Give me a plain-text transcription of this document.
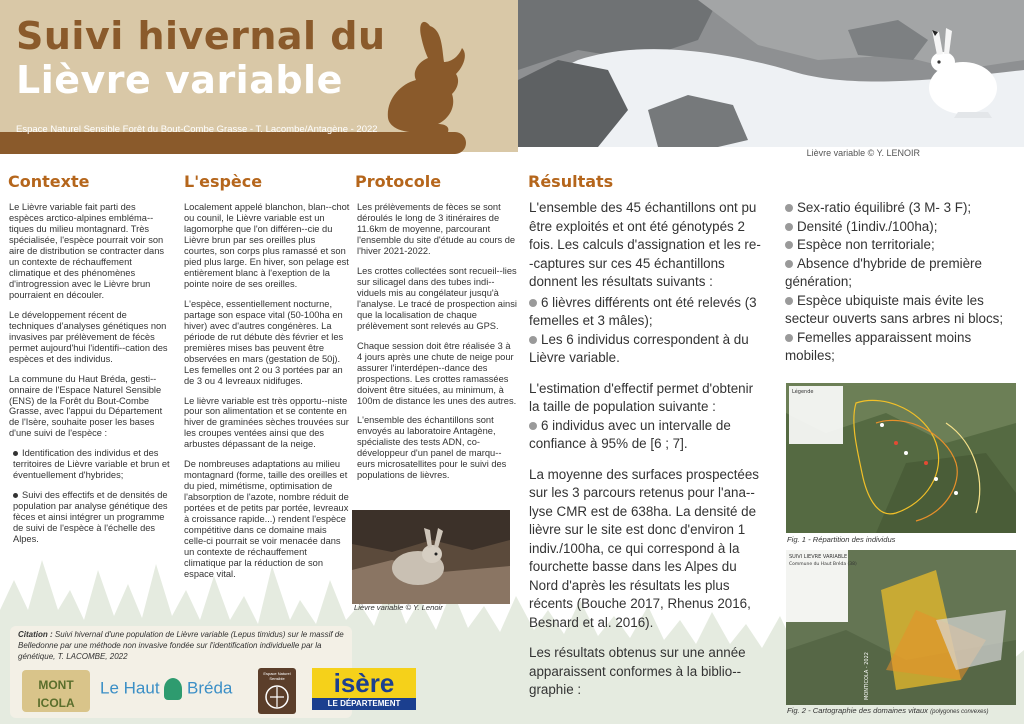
Suivi hivernal du
Lièvre variable
Espace Naturel Sensible Forêt du Bout-Combe Grasse - T. Lacombe/Antagène - 2022
Lièvre variable © Y. LENOIR
Contexte

Le Lièvre variable fait parti des espèces arctico-alpines embléma--tiques du milieu montagnard. Très spécialisée, l'espèce pourrait voir son aire de distribution se contracter dans un contexte de réchauffement climatique et des phénomènes d'introgression avec le Lièvre brun pourraient en découler.

Le développement récent de techniques d'analyses génétiques non invasives par prélèvement de fécès permet aujourd'hui l'identifi--cation des espèces et des individus.

La commune du Haut Bréda, gesti--onnaire de l'Espace Naturel Sensible (ENS) de la Forêt du Bout-Combe Grasse, avec l'appui du Département de l'Isère, souhaite poser les bases d'une suivi de l'espèce :

Identification des individus et des territoires de Lièvre variable et brun et éventuellement d'hybrides;

Suivi des effectifs et de densités de population par analyse génétique des fèces et ainsi intégrer un programme de suivi de l'espèce à l'échelle des Alpes.

L'espèce

Localement appelé blanchon, blan--chot ou counil, le Lièvre variable est un lagomorphe que l'on différen--cie du Lièvre brun par ses oreilles plus courtes, son corps plus ramassé et son pied plus large. En hiver, son pelage est entièrement blanc à l'exeption de la pointe noire de ses oreilles.

L'espèce, essentiellement nocturne, partage son espace vital (50-100ha en hiver) avec d'autres congénères. La période de rut débute dès février et les premières mises bas peuvent être observées en mars (gestation de 50j). Les femelles ont 2 ou 3 portées par an de 3 ou 4 levreaux nidifuges.

Le lièvre variable est très opportu--niste pour son alimentation et se contente en hiver de graminées sèches trouvées sur les croupes ventées ainsi que des arbustes dépassant de la neige.

De nombreuses adaptations au milieu montagnard (forme, taille des oreilles et du pied, mimétisme, optimisation de l'absorption de l'azote, nombre réduit de portées et de petits par portée, levreaux à croissance rapide...) rendent l'espèce compétitive dans ce domaine mais celle-ci pourrait se voir menacée dans un contexte de réchauffement climatique par la réduction de son espace vital.

Protocole

Les prélèvements de fèces se sont déroulés le long de 3 itinéraires de 11.6km de moyenne, parcourant l'ensemble du site d'étude au cours de l'hiver 2021-2022.

Les crottes collectées sont recueil--lies sur silicagel dans des tubes indi--viduels mis au congélateur jusqu'à l'analyse. Le tracé de prospection ainsi que la localisation de chaque prélèvement sont relevés au GPS.

Chaque session doit être réalisée 3 à 4 jours après une chute de neige pour assurer l'interdépen--dance des prospections. Les crottes ramassées doivent être situées, au minimum, à 100m de distance les unes des autres.

L'ensemble des échantillons sont envoyés au laboratoire Antagène, spécialiste des tests ADN, co-développeur d'un panel de marqu--eurs microsatellites pour le suivi des populations de lièvres.

Lièvre variable © Y. Lenoir
Résultats

L'ensemble des 45 échantillons ont pu être exploités et ont été génotypés 2 fois. Les calculs d'assignation et les re--captures sur ces 45 échantillons donnent les résultats suivants :

6 lièvres différents ont été relevés (3 femelles et 3 mâles);

Les 6 individus correspondent à du Lièvre variable.

L'estimation d'effectif permet d'obtenir la taille de population suivante :

6 individus avec un intervalle de confiance à 95% de [6 ; 7].

La moyenne des surfaces prospectées sur les 3 parcours retenus pour l'ana--lyse CMR est de 638ha. La densité de lièvre sur le site est donc d'environ 1 indiv./100ha, ce qui correspond à la fourchette basse dans les Alpes du Nord d'après les résultats les plus récents (Bouche 2017, Rhenus 2016, Besnard et al. 2016).

Les résultats obtenus sur une année apparaissent conformes à la biblio--graphie :

Sex-ratio équilibré (3 M- 3 F);
Densité (1indiv./100ha);
Espèce non territoriale;
Absence d'hybride de première génération;
Espèce ubiquiste mais évite les secteur ouverts sans arbres ni blocs;
Femelles apparaissent moins mobiles;
Légende
Fig. 1 - Répartition des individus
SUIVI LIEVRE VARIABLE
Commune du Haut Bréda (38)
MONTICOLA - 2022
Fig. 2 - Cartographie des domaines vitaux (polygones convexes)
Citation : Suivi hivernal d'une population de Lièvre variable (Lepus timidus) sur le massif de Belledonne par une méthode non invasive fondée sur l'identification individuelle par la génétique, T. LACOMBE, 2022
MONT ICOLA
Le Haut Bréda
Espace Naturel Sensible	isère
LE DÉPARTEMENT
